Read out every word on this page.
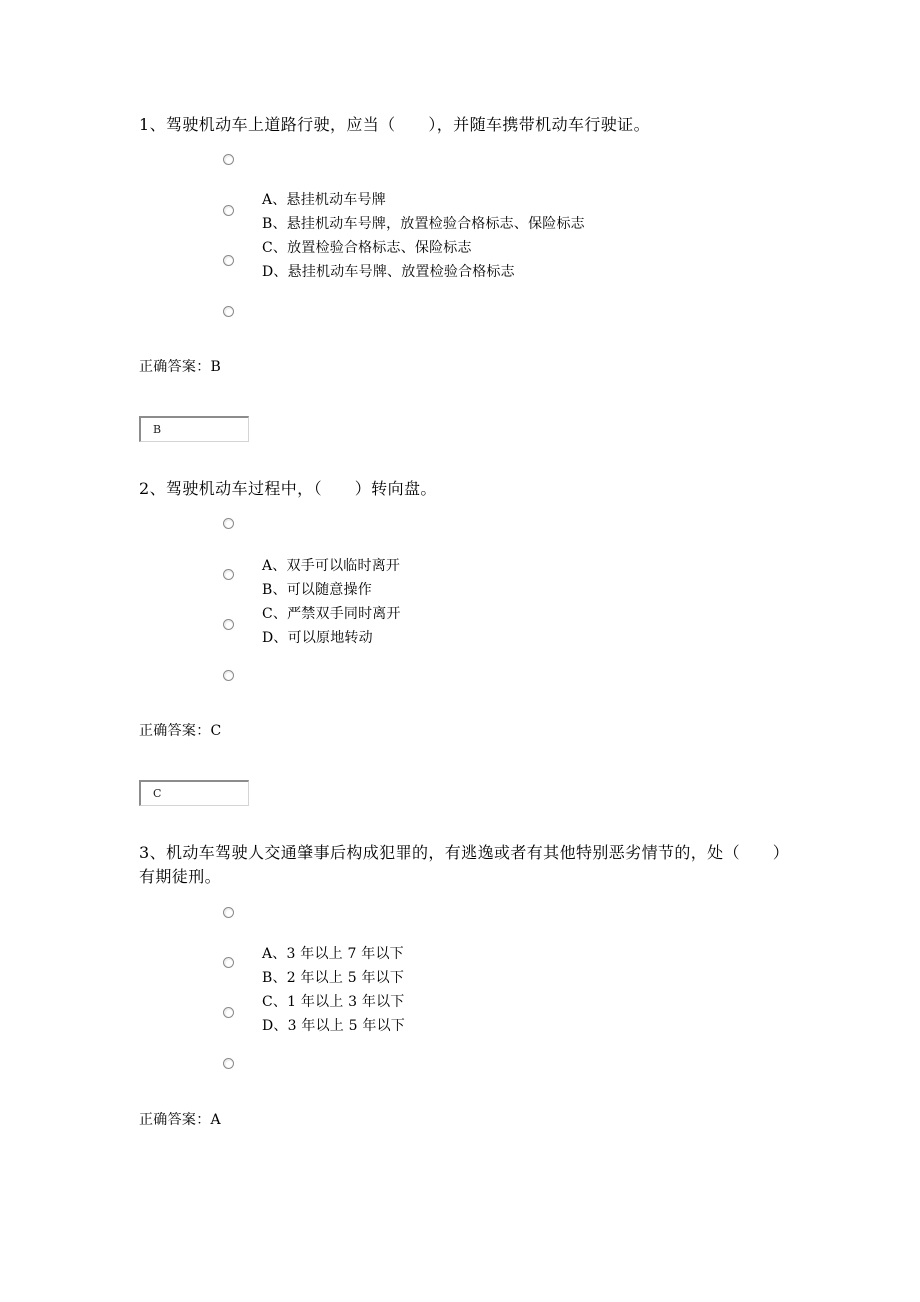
1、驾驶机动车上道路行驶，应当（　　），并随车携带机动车行驶证。
A、悬挂机动车号牌
B、悬挂机动车号牌，放置检验合格标志、保险标志
C、放置检验合格标志、保险标志
D、悬挂机动车号牌、放置检验合格标志
正确答案：B
B
2、驾驶机动车过程中，（　　）转向盘。
A、双手可以临时离开
B、可以随意操作
C、严禁双手同时离开
D、可以原地转动
正确答案：C
C
3、机动车驾驶人交通肇事后构成犯罪的，有逃逸或者有其他特别恶劣情节的，处（　　）有期徒刑。
A、3 年以上 7 年以下
B、2 年以上 5 年以下
C、1 年以上 3 年以下
D、3 年以上 5 年以下
正确答案：A
